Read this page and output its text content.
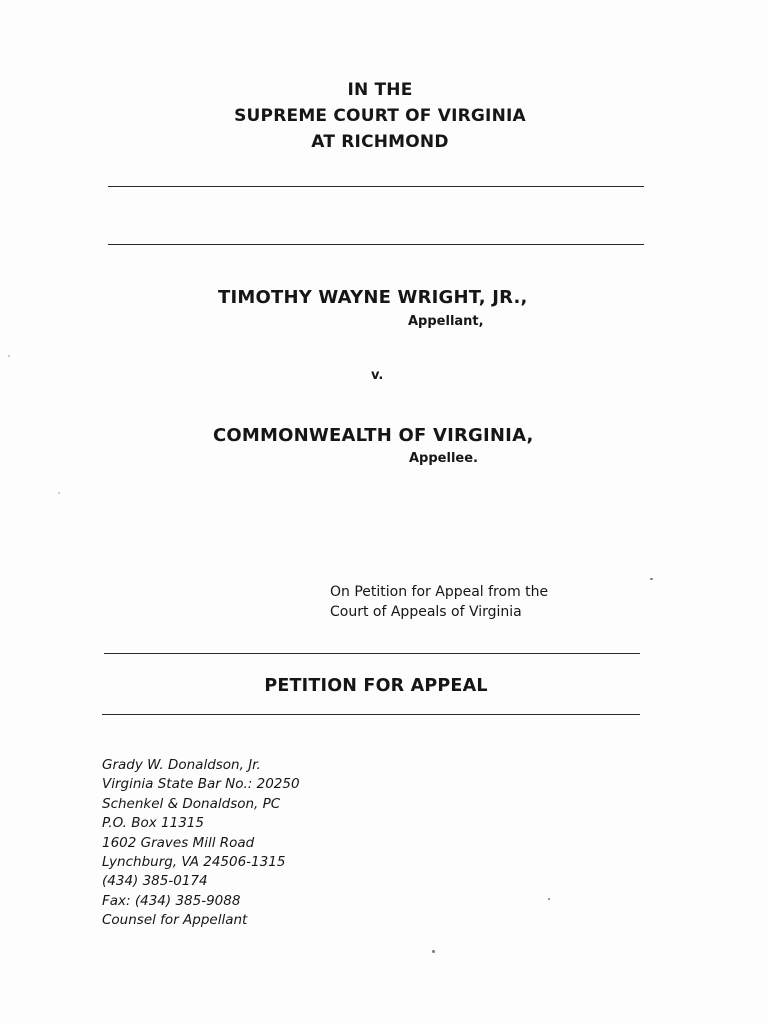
IN THE
SUPREME COURT OF VIRGINIA
AT RICHMOND
TIMOTHY WAYNE WRIGHT, JR.,
Appellant,
v.
COMMONWEALTH OF VIRGINIA,
Appellee.
On Petition for Appeal from the
Court of Appeals of Virginia
PETITION FOR APPEAL
Grady W. Donaldson, Jr.
Virginia State Bar No.: 20250
Schenkel & Donaldson, PC
P.O. Box 11315
1602 Graves Mill Road
Lynchburg, VA 24506-1315
(434) 385-0174
Fax: (434) 385-9088
Counsel for Appellant
